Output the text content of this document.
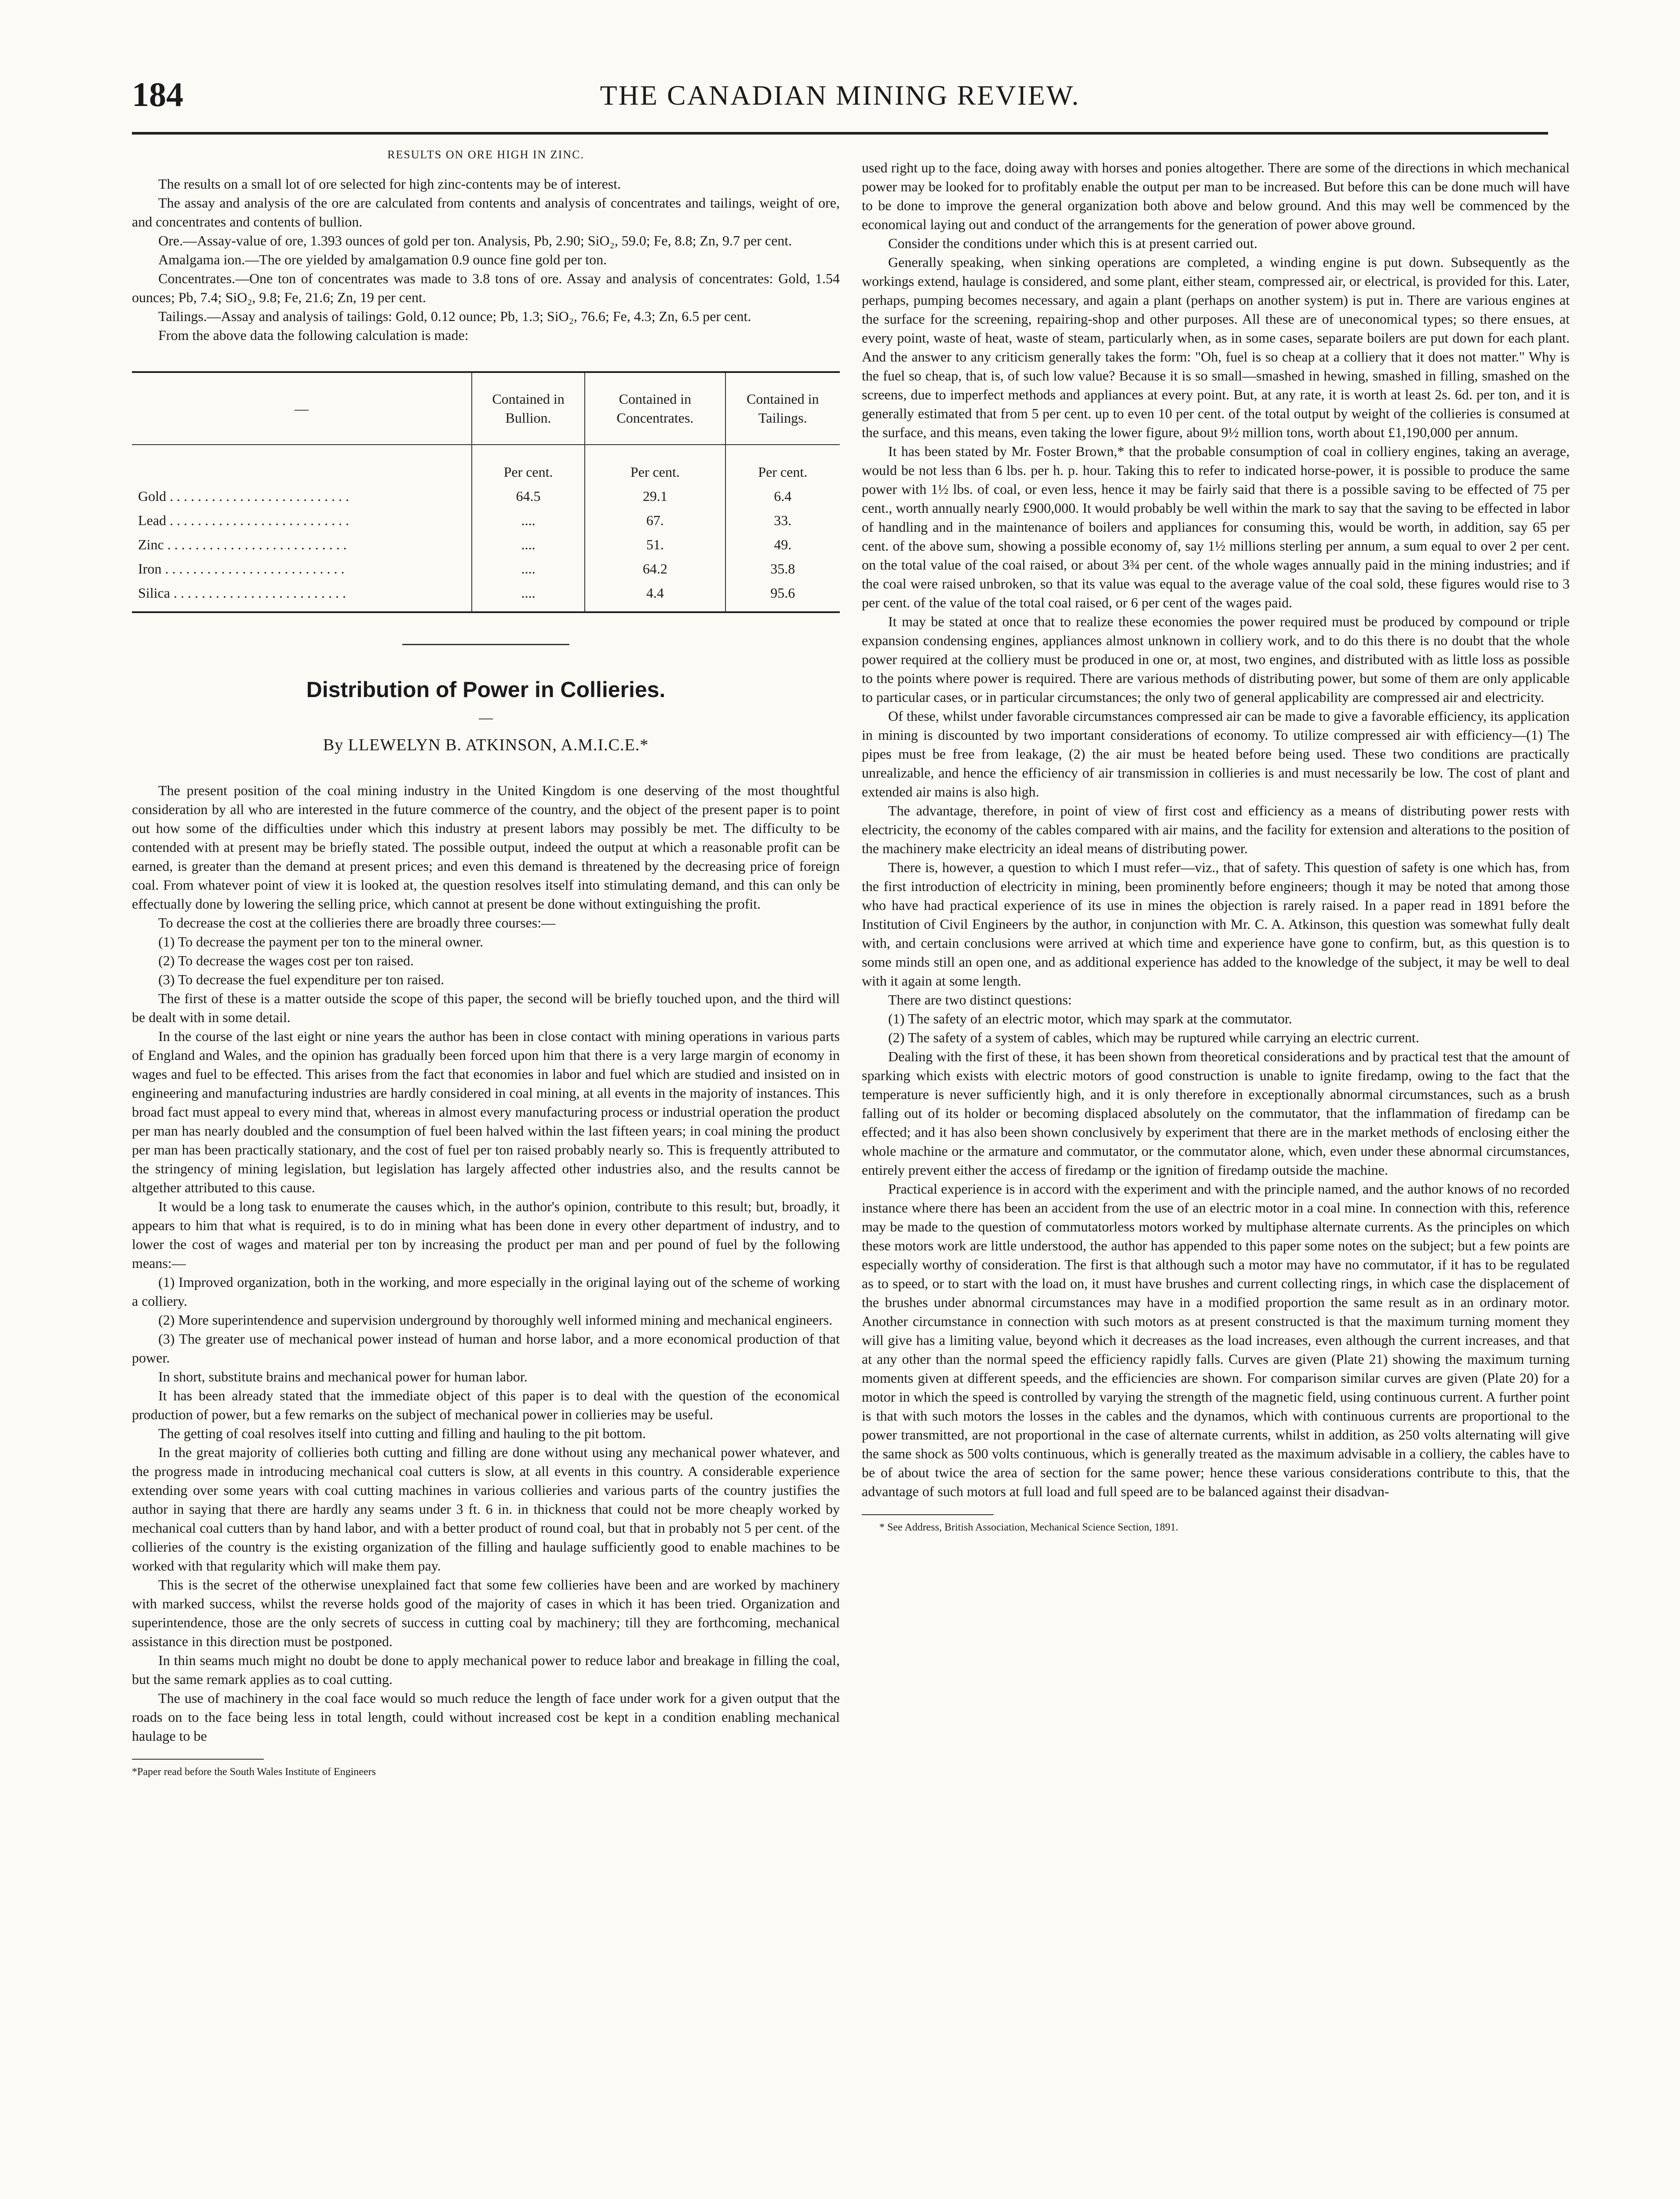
184	THE CANADIAN MINING REVIEW.
RESULTS ON ORE HIGH IN ZINC.

The results on a small lot of ore selected for high zinc-contents may be of interest.

The assay and analysis of the ore are calculated from contents and analysis of concentrates and tailings, weight of ore, and concentrates and contents of bullion.

Ore.—Assay-value of ore, 1.393 ounces of gold per ton. Analysis, Pb, 2.90; SiO₂, 59.0; Fe, 8.8; Zn, 9.7 per cent.

Amalgama ion.—The ore yielded by amalgamation 0.9 ounce fine gold per ton.

Concentrates.—One ton of concentrates was made to 3.8 tons of ore. Assay and analysis of concentrates: Gold, 1.54 ounces; Pb, 7.4; SiO₂, 9.8; Fe, 21.6; Zn, 19 per cent.

Tailings.—Assay and analysis of tailings: Gold, 0.12 ounce; Pb, 1.3; SiO₂, 76.6; Fe, 4.3; Zn, 6.5 per cent.

From the above data the following calculation is made:

—	Contained in Bullion.	Contained in Concentrates.	Contained in Tailings.
	Per cent.	Per cent.	Per cent.
Gold . . . . . . . . . . . . . . . . . . . . . . . . . .	64.5	29.1	6.4
Lead . . . . . . . . . . . . . . . . . . . . . . . . . .	....	67.	33.
Zinc . . . . . . . . . . . . . . . . . . . . . . . . . .	....	51.	49.
Iron . . . . . . . . . . . . . . . . . . . . . . . . . .	....	64.2	35.8
Silica . . . . . . . . . . . . . . . . . . . . . . . . .	....	4.4	95.6
Distribution of Power in Collieries.
—
By LLEWELYN B. ATKINSON, A.M.I.C.E.*

The present position of the coal mining industry in the United Kingdom is one deserving of the most thoughtful consideration by all who are interested in the future commerce of the country, and the object of the present paper is to point out how some of the difficulties under which this industry at present labors may possibly be met. The difficulty to be contended with at present may be briefly stated. The possible output, indeed the output at which a reasonable profit can be earned, is greater than the demand at present prices; and even this demand is threatened by the decreasing price of foreign coal. From whatever point of view it is looked at, the question resolves itself into stimulating demand, and this can only be effectually done by lowering the selling price, which cannot at present be done without extinguishing the profit.

To decrease the cost at the collieries there are broadly three courses:—

(1) To decrease the payment per ton to the mineral owner.

(2) To decrease the wages cost per ton raised.

(3) To decrease the fuel expenditure per ton raised.

The first of these is a matter outside the scope of this paper, the second will be briefly touched upon, and the third will be dealt with in some detail.

In the course of the last eight or nine years the author has been in close contact with mining operations in various parts of England and Wales, and the opinion has gradually been forced upon him that there is a very large margin of economy in wages and fuel to be effected. This arises from the fact that economies in labor and fuel which are studied and insisted on in engineering and manufacturing industries are hardly considered in coal mining, at all events in the majority of instances. This broad fact must appeal to every mind that, whereas in almost every manufacturing process or industrial operation the product per man has nearly doubled and the consumption of fuel been halved within the last fifteen years; in coal mining the product per man has been practically stationary, and the cost of fuel per ton raised probably nearly so. This is frequently attributed to the stringency of mining legislation, but legislation has largely affected other industries also, and the results cannot be altgether attributed to this cause.

It would be a long task to enumerate the causes which, in the author's opinion, contribute to this result; but, broadly, it appears to him that what is required, is to do in mining what has been done in every other department of industry, and to lower the cost of wages and material per ton by increasing the product per man and per pound of fuel by the following means:—

(1) Improved organization, both in the working, and more especially in the original laying out of the scheme of working a colliery.

(2) More superintendence and supervision underground by thoroughly well informed mining and mechanical engineers.

(3) The greater use of mechanical power instead of human and horse labor, and a more economical production of that power.

In short, substitute brains and mechanical power for human labor.

It has been already stated that the immediate object of this paper is to deal with the question of the economical production of power, but a few remarks on the subject of mechanical power in collieries may be useful.

The getting of coal resolves itself into cutting and filling and hauling to the pit bottom.

In the great majority of collieries both cutting and filling are done without using any mechanical power whatever, and the progress made in introducing mechanical coal cutters is slow, at all events in this country. A considerable experience extending over some years with coal cutting machines in various collieries and various parts of the country justifies the author in saying that there are hardly any seams under 3 ft. 6 in. in thickness that could not be more cheaply worked by mechanical coal cutters than by hand labor, and with a better product of round coal, but that in probably not 5 per cent. of the collieries of the country is the existing organization of the filling and haulage sufficiently good to enable machines to be worked with that regularity which will make them pay.

This is the secret of the otherwise unexplained fact that some few collieries have been and are worked by machinery with marked success, whilst the reverse holds good of the majority of cases in which it has been tried. Organization and superintendence, those are the only secrets of success in cutting coal by machinery; till they are forthcoming, mechanical assistance in this direction must be postponed.

In thin seams much might no doubt be done to apply mechanical power to reduce labor and breakage in filling the coal, but the same remark applies as to coal cutting.

The use of machinery in the coal face would so much reduce the length of face under work for a given output that the roads on to the face being less in total length, could without increased cost be kept in a condition enabling mechanical haulage to be

*Paper read before the South Wales Institute of Engineers

used right up to the face, doing away with horses and ponies altogether. There are some of the directions in which mechanical power may be looked for to profitably enable the output per man to be increased. But before this can be done much will have to be done to improve the general organization both above and below ground. And this may well be commenced by the economical laying out and conduct of the arrangements for the generation of power above ground.

Consider the conditions under which this is at present carried out.

Generally speaking, when sinking operations are completed, a winding engine is put down. Subsequently as the workings extend, haulage is considered, and some plant, either steam, compressed air, or electrical, is provided for this. Later, perhaps, pumping becomes necessary, and again a plant (perhaps on another system) is put in. There are various engines at the surface for the screening, repairing-shop and other purposes. All these are of uneconomical types; so there ensues, at every point, waste of heat, waste of steam, particularly when, as in some cases, separate boilers are put down for each plant. And the answer to any criticism generally takes the form: "Oh, fuel is so cheap at a colliery that it does not matter." Why is the fuel so cheap, that is, of such low value? Because it is so small—smashed in hewing, smashed in filling, smashed on the screens, due to imperfect methods and appliances at every point. But, at any rate, it is worth at least 2s. 6d. per ton, and it is generally estimated that from 5 per cent. up to even 10 per cent. of the total output by weight of the collieries is consumed at the surface, and this means, even taking the lower figure, about 9½ million tons, worth about £1,190,000 per annum.

It has been stated by Mr. Foster Brown,* that the probable consumption of coal in colliery engines, taking an average, would be not less than 6 lbs. per h. p. hour. Taking this to refer to indicated horse-power, it is possible to produce the same power with 1½ lbs. of coal, or even less, hence it may be fairly said that there is a possible saving to be effected of 75 per cent., worth annually nearly £900,000. It would probably be well within the mark to say that the saving to be effected in labor of handling and in the maintenance of boilers and appliances for consuming this, would be worth, in addition, say 65 per cent. of the above sum, showing a possible economy of, say 1½ millions sterling per annum, a sum equal to over 2 per cent. on the total value of the coal raised, or about 3¾ per cent. of the whole wages annually paid in the mining industries; and if the coal were raised unbroken, so that its value was equal to the average value of the coal sold, these figures would rise to 3 per cent. of the value of the total coal raised, or 6 per cent of the wages paid.

It may be stated at once that to realize these economies the power required must be produced by compound or triple expansion condensing engines, appliances almost unknown in colliery work, and to do this there is no doubt that the whole power required at the colliery must be produced in one or, at most, two engines, and distributed with as little loss as possible to the points where power is required. There are various methods of distributing power, but some of them are only applicable to particular cases, or in particular circumstances; the only two of general applicability are compressed air and electricity.

Of these, whilst under favorable circumstances compressed air can be made to give a favorable efficiency, its application in mining is discounted by two important considerations of economy. To utilize compressed air with efficiency—(1) The pipes must be free from leakage, (2) the air must be heated before being used. These two conditions are practically unrealizable, and hence the efficiency of air transmission in collieries is and must necessarily be low. The cost of plant and extended air mains is also high.

The advantage, therefore, in point of view of first cost and efficiency as a means of distributing power rests with electricity, the economy of the cables compared with air mains, and the facility for extension and alterations to the position of the machinery make electricity an ideal means of distributing power.

There is, however, a question to which I must refer—viz., that of safety. This question of safety is one which has, from the first introduction of electricity in mining, been prominently before engineers; though it may be noted that among those who have had practical experience of its use in mines the objection is rarely raised. In a paper read in 1891 before the Institution of Civil Engineers by the author, in conjunction with Mr. C. A. Atkinson, this question was somewhat fully dealt with, and certain conclusions were arrived at which time and experience have gone to confirm, but, as this question is to some minds still an open one, and as additional experience has added to the knowledge of the subject, it may be well to deal with it again at some length.

There are two distinct questions:

(1) The safety of an electric motor, which may spark at the commutator.

(2) The safety of a system of cables, which may be ruptured while carrying an electric current.

Dealing with the first of these, it has been shown from theoretical considerations and by practical test that the amount of sparking which exists with electric motors of good construction is unable to ignite firedamp, owing to the fact that the temperature is never sufficiently high, and it is only therefore in exceptionally abnormal circumstances, such as a brush falling out of its holder or becoming displaced absolutely on the commutator, that the inflammation of firedamp can be effected; and it has also been shown conclusively by experiment that there are in the market methods of enclosing either the whole machine or the armature and commutator, or the commutator alone, which, even under these abnormal circumstances, entirely prevent either the access of firedamp or the ignition of firedamp outside the machine.

Practical experience is in accord with the experiment and with the principle named, and the author knows of no recorded instance where there has been an accident from the use of an electric motor in a coal mine. In connection with this, reference may be made to the question of commutatorless motors worked by multiphase alternate currents. As the principles on which these motors work are little understood, the author has appended to this paper some notes on the subject; but a few points are especially worthy of consideration. The first is that although such a motor may have no commutator, if it has to be regulated as to speed, or to start with the load on, it must have brushes and current collecting rings, in which case the displacement of the brushes under abnormal circumstances may have in a modified proportion the same result as in an ordinary motor. Another circumstance in connection with such motors as at present constructed is that the maximum turning moment they will give has a limiting value, beyond which it decreases as the load increases, even although the current increases, and that at any other than the normal speed the efficiency rapidly falls. Curves are given (Plate 21) showing the maximum turning moments given at different speeds, and the efficiencies are shown. For comparison similar curves are given (Plate 20) for a motor in which the speed is controlled by varying the strength of the magnetic field, using continuous current. A further point is that with such motors the losses in the cables and the dynamos, which with continuous currents are proportional to the power transmitted, are not proportional in the case of alternate currents, whilst in addition, as 250 volts alternating will give the same shock as 500 volts continuous, which is generally treated as the maximum advisable in a colliery, the cables have to be of about twice the area of section for the same power; hence these various considerations contribute to this, that the advantage of such motors at full load and full speed are to be balanced against their disadvan-

* See Address, British Association, Mechanical Science Section, 1891.
